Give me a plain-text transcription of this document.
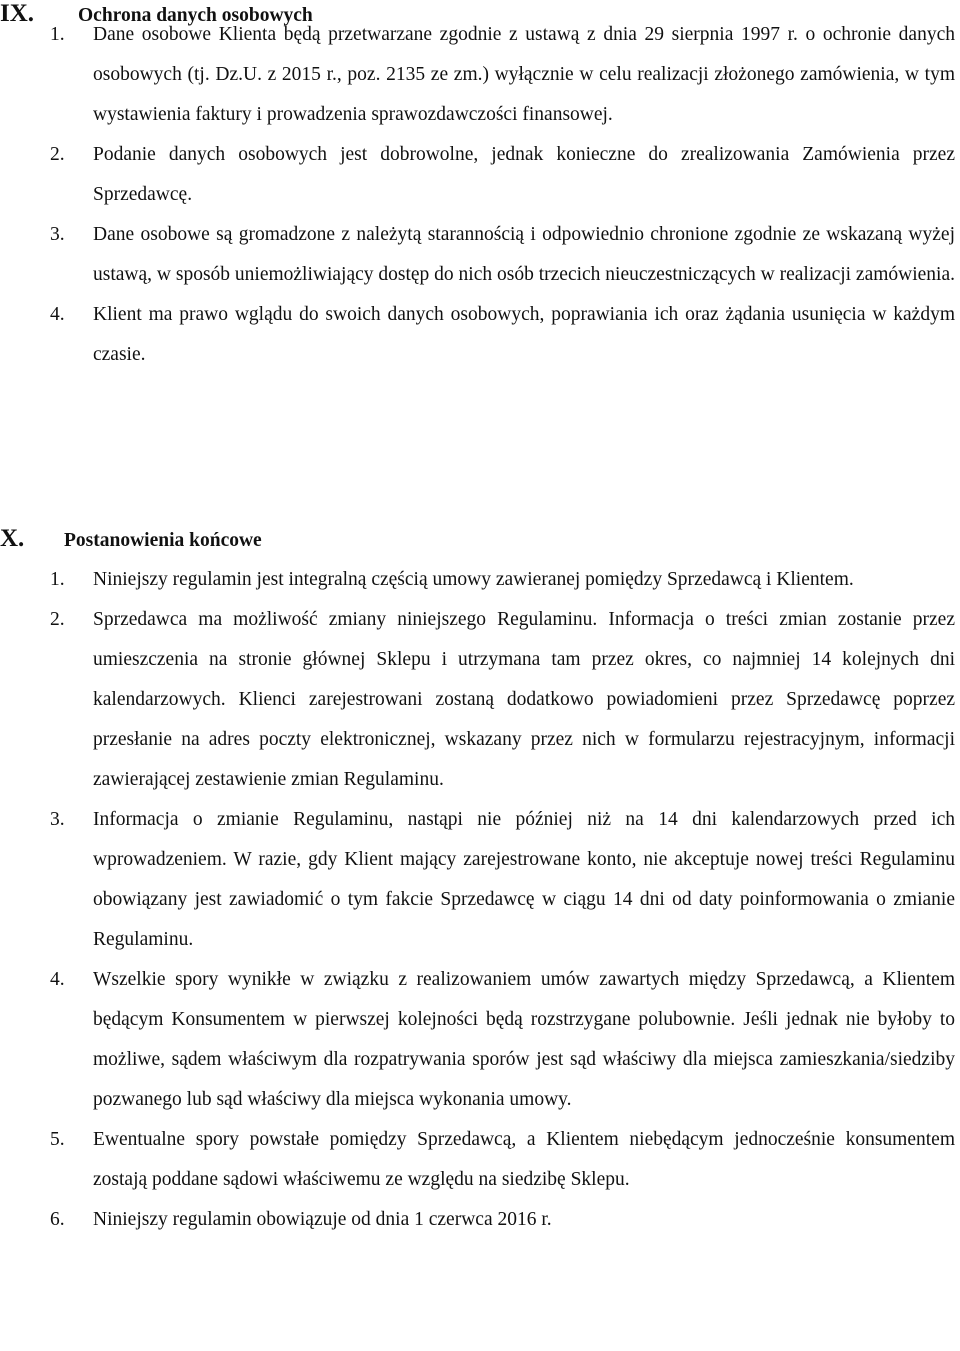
IX.	Ochrona danych osobowych
1.	Dane osobowe Klienta będą przetwarzane zgodnie z ustawą z dnia 29 sierpnia 1997 r. o ochronie danych osobowych (tj. Dz.U. z 2015 r., poz. 2135 ze zm.) wyłącznie w celu realizacji złożonego zamówienia, w tym wystawienia faktury i prowadzenia sprawozdawczości finansowej.
2.	Podanie danych osobowych jest dobrowolne, jednak konieczne do zrealizowania Zamówienia przez Sprzedawcę.
3.	Dane osobowe są gromadzone z należytą starannością i odpowiednio chronione zgodnie ze wskazaną wyżej ustawą, w sposób uniemożliwiający dostęp do nich osób trzecich nieuczestniczących w realizacji zamówienia.
4.	Klient ma prawo wglądu do swoich danych osobowych, poprawiania ich oraz żądania usunięcia w każdym czasie.
X.	Postanowienia końcowe
1.	Niniejszy regulamin jest integralną częścią umowy zawieranej pomiędzy Sprzedawcą i Klientem.
2.	Sprzedawca ma możliwość zmiany niniejszego Regulaminu. Informacja o treści zmian zostanie przez umieszczenia na stronie głównej Sklepu i utrzymana tam przez okres, co najmniej 14 kolejnych dni kalendarzowych. Klienci zarejestrowani zostaną dodatkowo powiadomieni przez Sprzedawcę poprzez przesłanie na adres poczty elektronicznej, wskazany przez nich w formularzu rejestracyjnym, informacji zawierającej zestawienie zmian Regulaminu.
3.	Informacja o zmianie Regulaminu, nastąpi nie później niż na 14 dni kalendarzowych przed ich wprowadzeniem. W razie, gdy Klient mający zarejestrowane konto, nie akceptuje nowej treści Regulaminu obowiązany jest zawiadomić o tym fakcie Sprzedawcę w ciągu 14 dni od daty poinformowania o zmianie Regulaminu.
4.	Wszelkie spory wynikłe w związku z realizowaniem umów zawartych między Sprzedawcą, a Klientem będącym Konsumentem w pierwszej kolejności będą rozstrzygane polubownie. Jeśli jednak nie byłoby to możliwe, sądem właściwym dla rozpatrywania sporów jest sąd właściwy dla miejsca zamieszkania/siedziby pozwanego lub sąd właściwy dla miejsca wykonania umowy.
5.	Ewentualne spory powstałe pomiędzy Sprzedawcą, a Klientem niebędącym jednocześnie konsumentem zostają poddane sądowi właściwemu ze względu na siedzibę Sklepu.
6.	Niniejszy regulamin obowiązuje od dnia 1 czerwca 2016 r.
